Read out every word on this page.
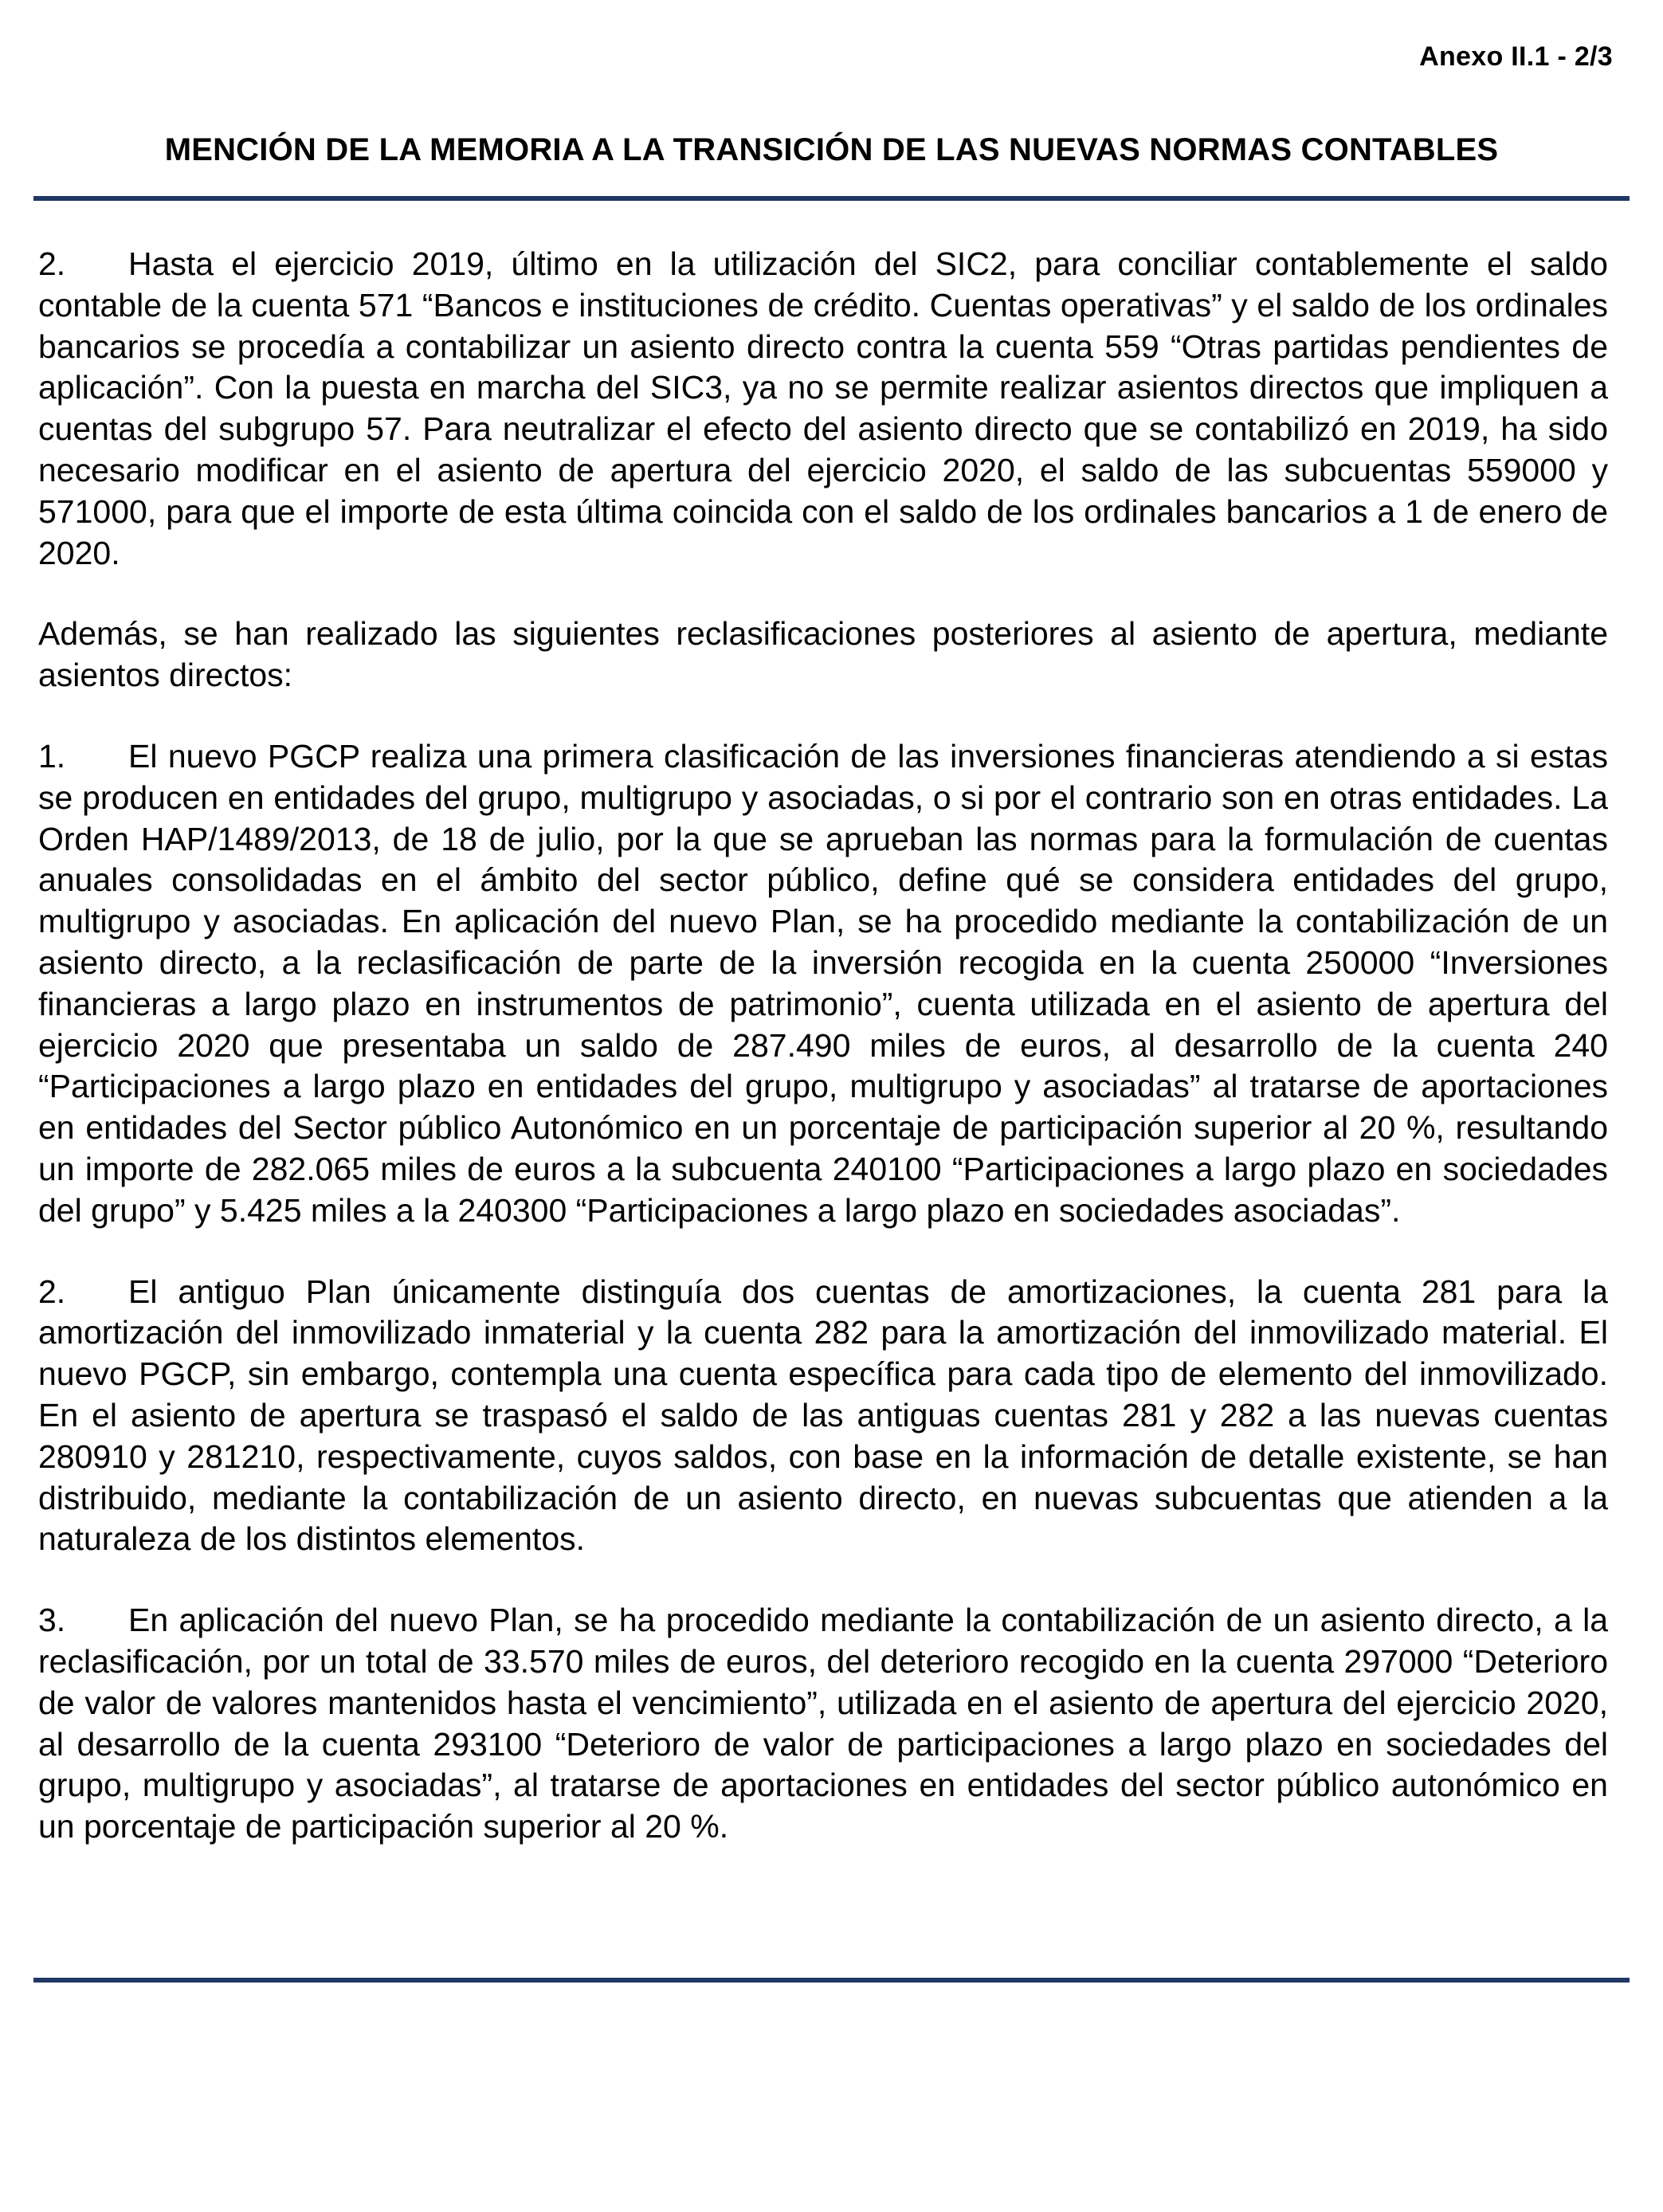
Anexo II.1 - 2/3
MENCIÓN DE LA MEMORIA A LA TRANSICIÓN DE LAS NUEVAS NORMAS CONTABLES

2. Hasta el ejercicio 2019, último en la utilización del SIC2, para conciliar contablemente el saldo contable de la cuenta 571 “Bancos e instituciones de crédito. Cuentas operativas” y el saldo de los ordinales bancarios se procedía a contabilizar un asiento directo contra la cuenta 559 “Otras partidas pendientes de aplicación”. Con la puesta en marcha del SIC3, ya no se permite realizar asientos directos que impliquen a cuentas del subgrupo 57. Para neutralizar el efecto del asiento directo que se contabilizó en 2019, ha sido necesario modificar en el asiento de apertura del ejercicio 2020, el saldo de las subcuentas 559000 y 571000, para que el importe de esta última coincida con el saldo de los ordinales bancarios a 1 de enero de 2020.

Además, se han realizado las siguientes reclasificaciones posteriores al asiento de apertura, mediante asientos directos:

1. El nuevo PGCP realiza una primera clasificación de las inversiones financieras atendiendo a si estas se producen en entidades del grupo, multigrupo y asociadas, o si por el contrario son en otras entidades. La Orden HAP/1489/2013, de 18 de julio, por la que se aprueban las normas para la formulación de cuentas anuales consolidadas en el ámbito del sector público, define qué se considera entidades del grupo, multigrupo y asociadas. En aplicación del nuevo Plan, se ha procedido mediante la contabilización de un asiento directo, a la reclasificación de parte de la inversión recogida en la cuenta 250000 “Inversiones financieras a largo plazo en instrumentos de patrimonio”, cuenta utilizada en el asiento de apertura del ejercicio 2020 que presentaba un saldo de 287.490 miles de euros, al desarrollo de la cuenta 240 “Participaciones a largo plazo en entidades del grupo, multigrupo y asociadas” al tratarse de aportaciones en entidades del Sector público Autonómico en un porcentaje de participación superior al 20 %, resultando un importe de 282.065 miles de euros a la subcuenta 240100 “Participaciones a largo plazo en sociedades del grupo” y 5.425 miles a la 240300 “Participaciones a largo plazo en sociedades asociadas”.

2. El antiguo Plan únicamente distinguía dos cuentas de amortizaciones, la cuenta 281 para la amortización del inmovilizado inmaterial y la cuenta 282 para la amortización del inmovilizado material. El nuevo PGCP, sin embargo, contempla una cuenta específica para cada tipo de elemento del inmovilizado. En el asiento de apertura se traspasó el saldo de las antiguas cuentas 281 y 282 a las nuevas cuentas 280910 y 281210, respectivamente, cuyos saldos, con base en la información de detalle existente, se han distribuido, mediante la contabilización de un asiento directo, en nuevas subcuentas que atienden a la naturaleza de los distintos elementos.

3. En aplicación del nuevo Plan, se ha procedido mediante la contabilización de un asiento directo, a la reclasificación, por un total de 33.570 miles de euros, del deterioro recogido en la cuenta 297000 “Deterioro de valor de valores mantenidos hasta el vencimiento”, utilizada en el asiento de apertura del ejercicio 2020, al desarrollo de la cuenta 293100 “Deterioro de valor de participaciones a largo plazo en sociedades del grupo, multigrupo y asociadas”, al tratarse de aportaciones en entidades del sector público autonómico en un porcentaje de participación superior al 20 %.
